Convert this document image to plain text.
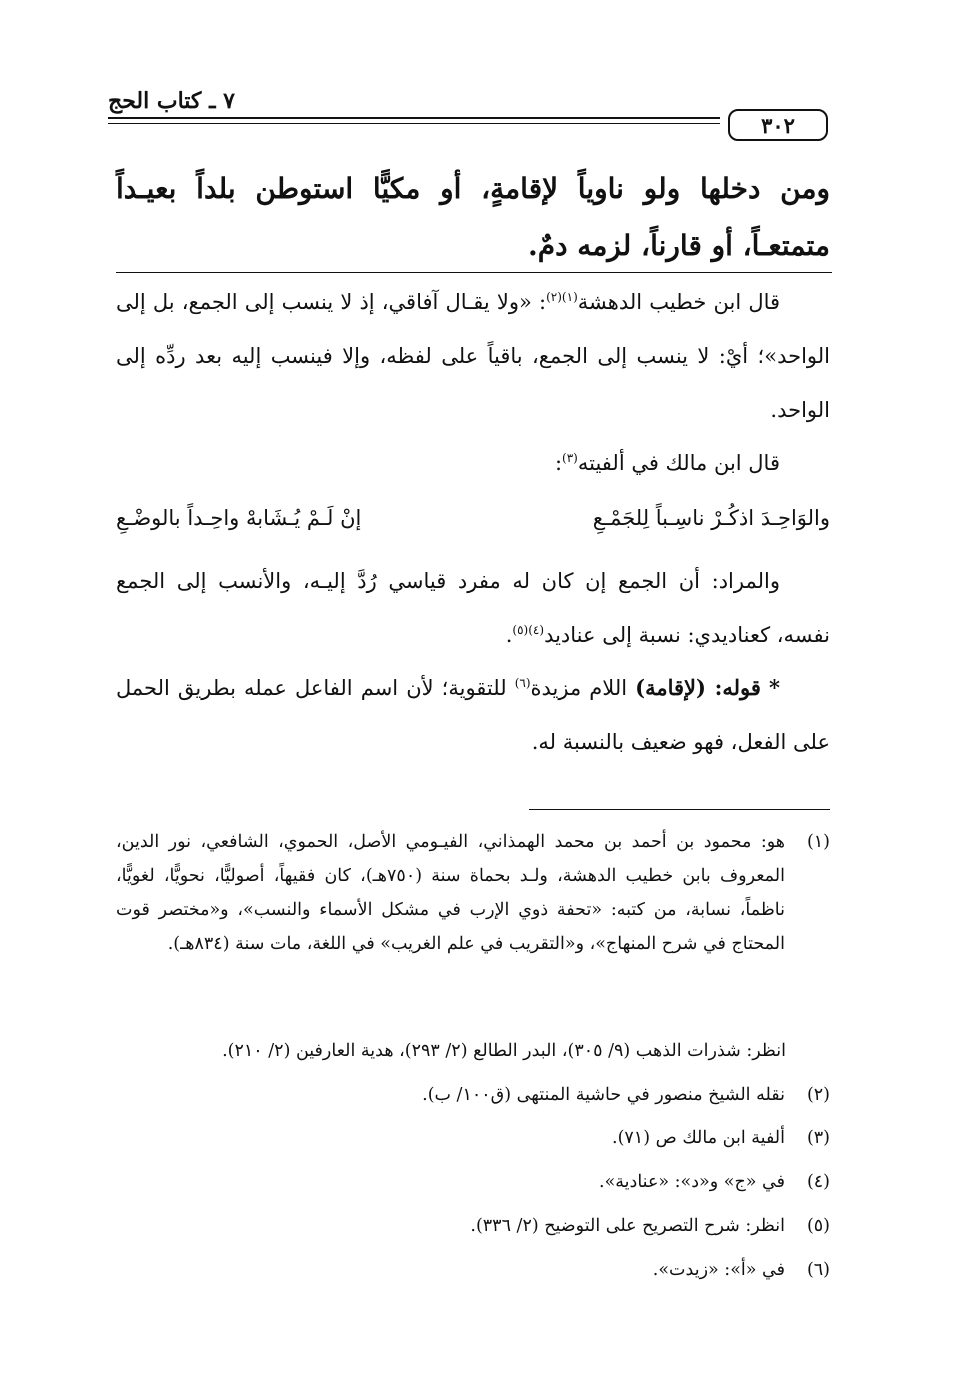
٧ ـ كتاب الحج
٣٠٢
ومن دخلها ولو ناوياً لإقامةٍ، أو مكيًّا استوطن بلداً بعيـداً متمتعـاً، أو قارناً، لزمه دمٌ.
قال ابن خطيب الدهشة$^{(١)(٢)}$: «ولا يقـال آفاقي، إذ لا ينسب إلى الجمع، بل إلى الواحد»؛ أيْ: لا ينسب إلى الجمع، باقياً على لفظه، وإلا فينسب إليه بعد ردِّه إلى الواحد.
قال ابن مالك في ألفيته$^{(٣)}$:
والوَاحِـدَ اذكُـرْ ناسِـباً لِلجَمْـعِ
إنْ لَـمْ يُـشَابهْ واحِـداً بالوضْـعِ
والمراد: أن الجمع إن كان له مفرد قياسي رُدَّ إليـه، والأنسب إلى الجمع نفسه، كعناديدي: نسبة إلى عناديد$^{(٤)(٥)}$.
* قوله: (لإقامة) اللام مزيدة$^{(٦)}$ للتقوية؛ لأن اسم الفاعل عمله بطريق الحمل على الفعل، فهو ضعيف بالنسبة له.
(١)
هو: محمود بن أحمد بن محمد الهمذاني، الفيـومي الأصل، الحموي، الشافعي، نور الدين، المعروف بابن خطيب الدهشة، ولـد بحماة سنة (٧٥٠هـ)، كان فقيهاً، أصوليًّا، نحويًّا، لغويًّا، ناظماً، نسابة، من كتبه: «تحفة ذوي الإرب في مشكل الأسماء والنسب»، و«مختصر قوت المحتاج في شرح المنهاج»، و«التقريب في علم الغريب» في اللغة، مات سنة (٨٣٤هـ).
انظر: شذرات الذهب (٩/ ٣٠٥)، البدر الطالع (٢/ ٢٩٣)، هدية العارفين (٢/ ٢١٠).
(٢)
نقله الشيخ منصور في حاشية المنتهى (ق١٠٠/ ب).
(٣)
ألفية ابن مالك ص (٧١).
(٤)
في «ج» و«د»: «عنادية».
(٥)
انظر: شرح التصريح على التوضيح (٢/ ٣٣٦).
(٦)
في «أ»: «زيدت».
